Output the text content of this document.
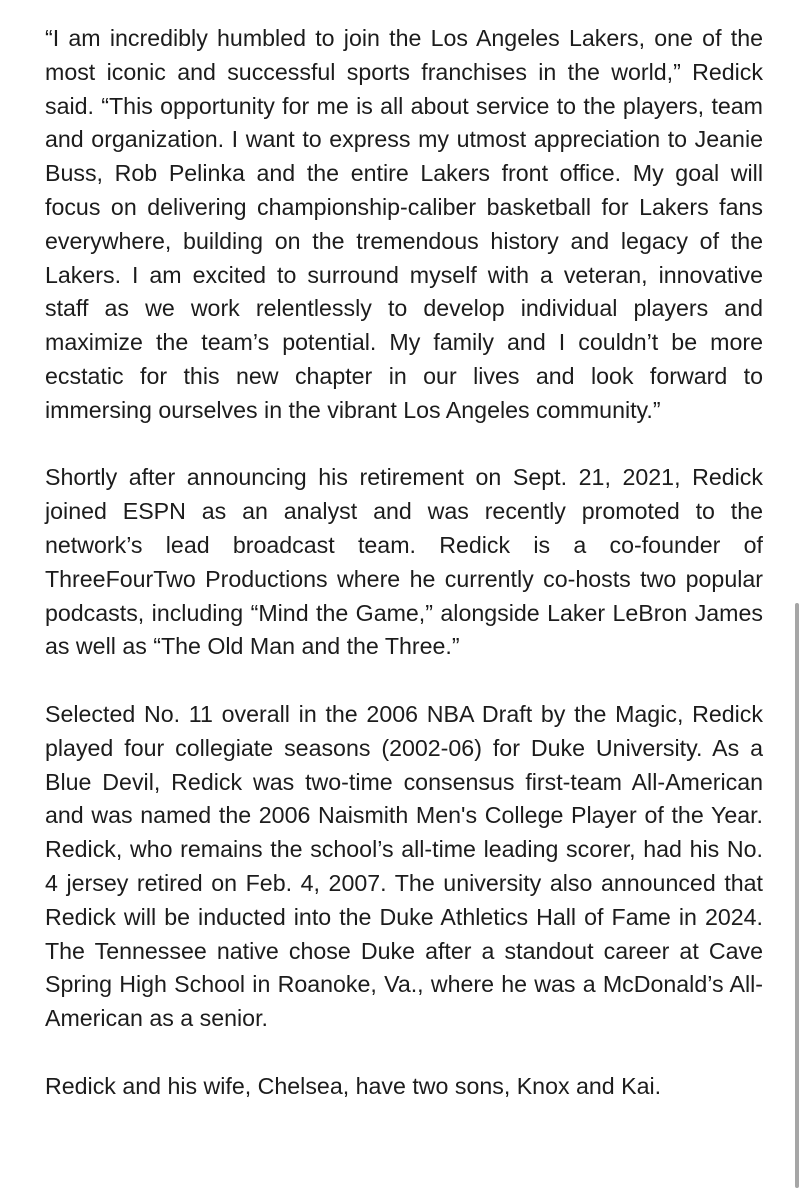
“I am incredibly humbled to join the Los Angeles Lakers, one of the most iconic and successful sports franchises in the world,” Redick said. “This opportunity for me is all about service to the players, team and organization. I want to express my utmost appreciation to Jeanie Buss, Rob Pelinka and the entire Lakers front office. My goal will focus on delivering championship-caliber basketball for Lakers fans everywhere, building on the tremendous history and legacy of the Lakers. I am excited to surround myself with a veteran, innovative staff as we work relentlessly to develop individual players and maximize the team’s potential. My family and I couldn’t be more ecstatic for this new chapter in our lives and look forward to immersing ourselves in the vibrant Los Angeles community.”

Shortly after announcing his retirement on Sept. 21, 2021, Redick joined ESPN as an analyst and was recently promoted to the network’s lead broadcast team. Redick is a co-founder of ThreeFourTwo Productions where he currently co-hosts two popular podcasts, including “Mind the Game,” alongside Laker LeBron James as well as “The Old Man and the Three.”

Selected No. 11 overall in the 2006 NBA Draft by the Magic, Redick played four collegiate seasons (2002-06) for Duke University. As a Blue Devil, Redick was two-time consensus first-team All-American and was named the 2006 Naismith Men's College Player of the Year. Redick, who remains the school’s all-time leading scorer, had his No. 4 jersey retired on Feb. 4, 2007. The university also announced that Redick will be inducted into the Duke Athletics Hall of Fame in 2024. The Tennessee native chose Duke after a standout career at Cave Spring High School in Roanoke, Va., where he was a McDonald’s All-American as a senior.

Redick and his wife, Chelsea, have two sons, Knox and Kai.
